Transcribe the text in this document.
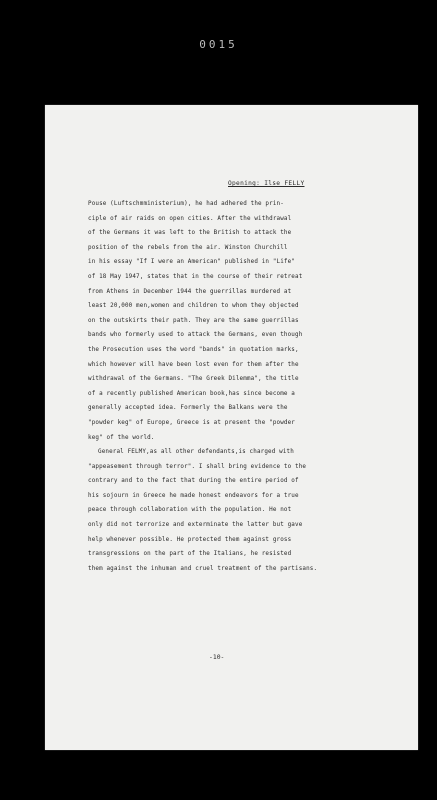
0015
Opening: Ilse FELLY
Pouse (Luftschmministerium), he had adhered the prin-
ciple of air raids on open cities. After the withdrawal
of the Germans it was left to the British to attack the
position of the rebels from the air. Winston Churchill
in his essay "If I were an American" published in "Life"
of 18 May 1947, states that in the course of their retreat
from Athens in December 1944 the guerrillas murdered at
least 20,000 men,women and children to whom they objected
on the outskirts their path. They are the same guerrillas
bands who formerly used to attack the Germans, even though
the Prosecution uses the word "bands" in quotation marks,
which however will have been lost even for them after the
withdrawal of the Germans. "The Greek Dilemma", the title
of a recently published American book,has since become a
generally accepted idea. Formerly the Balkans were the
"powder keg" of Europe, Greece is at present the "powder
keg" of the world.
General FELMY,as all other defendants,is charged with
"appeasement through terror". I shall bring evidence to the
contrary and to the fact that during the entire period of
his sojourn in Greece he made honest endeavors for a true
peace through collaboration with the population. He not
only did not terrorize and exterminate the latter but gave
help whenever possible. He protected them against gross
transgressions on the part of the Italians, he resisted
them against the inhuman and cruel treatment of the partisans.
-10-
